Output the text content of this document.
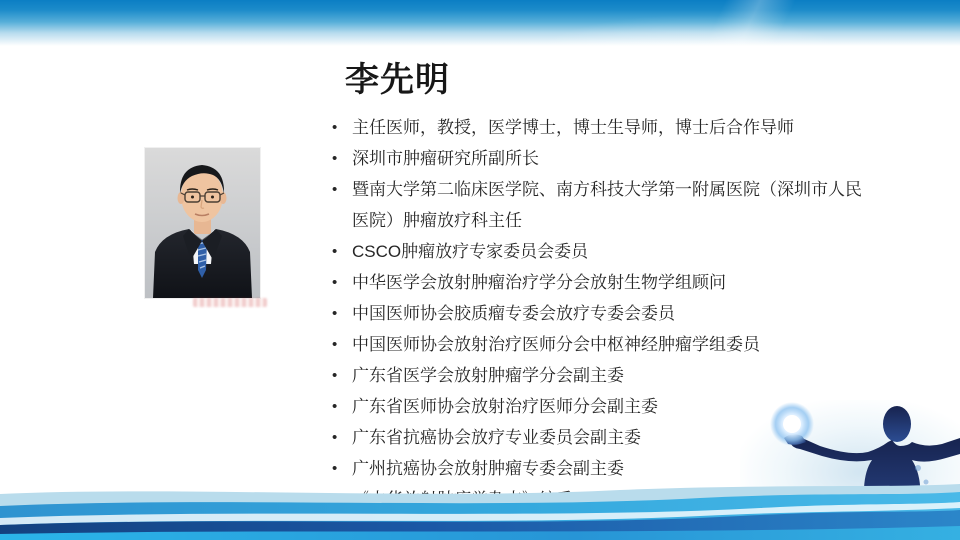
李先明
• 主任医师，教授，医学博士，博士生导师，博士后合作导师
• 深圳市肿瘤研究所副所长
• 暨南大学第二临床医学院、南方科技大学第一附属医院（深圳市人民医院）肿瘤放疗科主任
• CSCO肿瘤放疗专家委员会委员
• 中华医学会放射肿瘤治疗学分会放射生物学组顾问
• 中国医师协会胶质瘤专委会放疗专委会委员
• 中国医师协会放射治疗医师分会中枢神经肿瘤学组委员
• 广东省医学会放射肿瘤学分会副主委
• 广东省医师协会放射治疗医师分会副主委
• 广东省抗癌协会放疗专业委员会副主委
• 广州抗癌协会放射肿瘤专委会副主委
•
